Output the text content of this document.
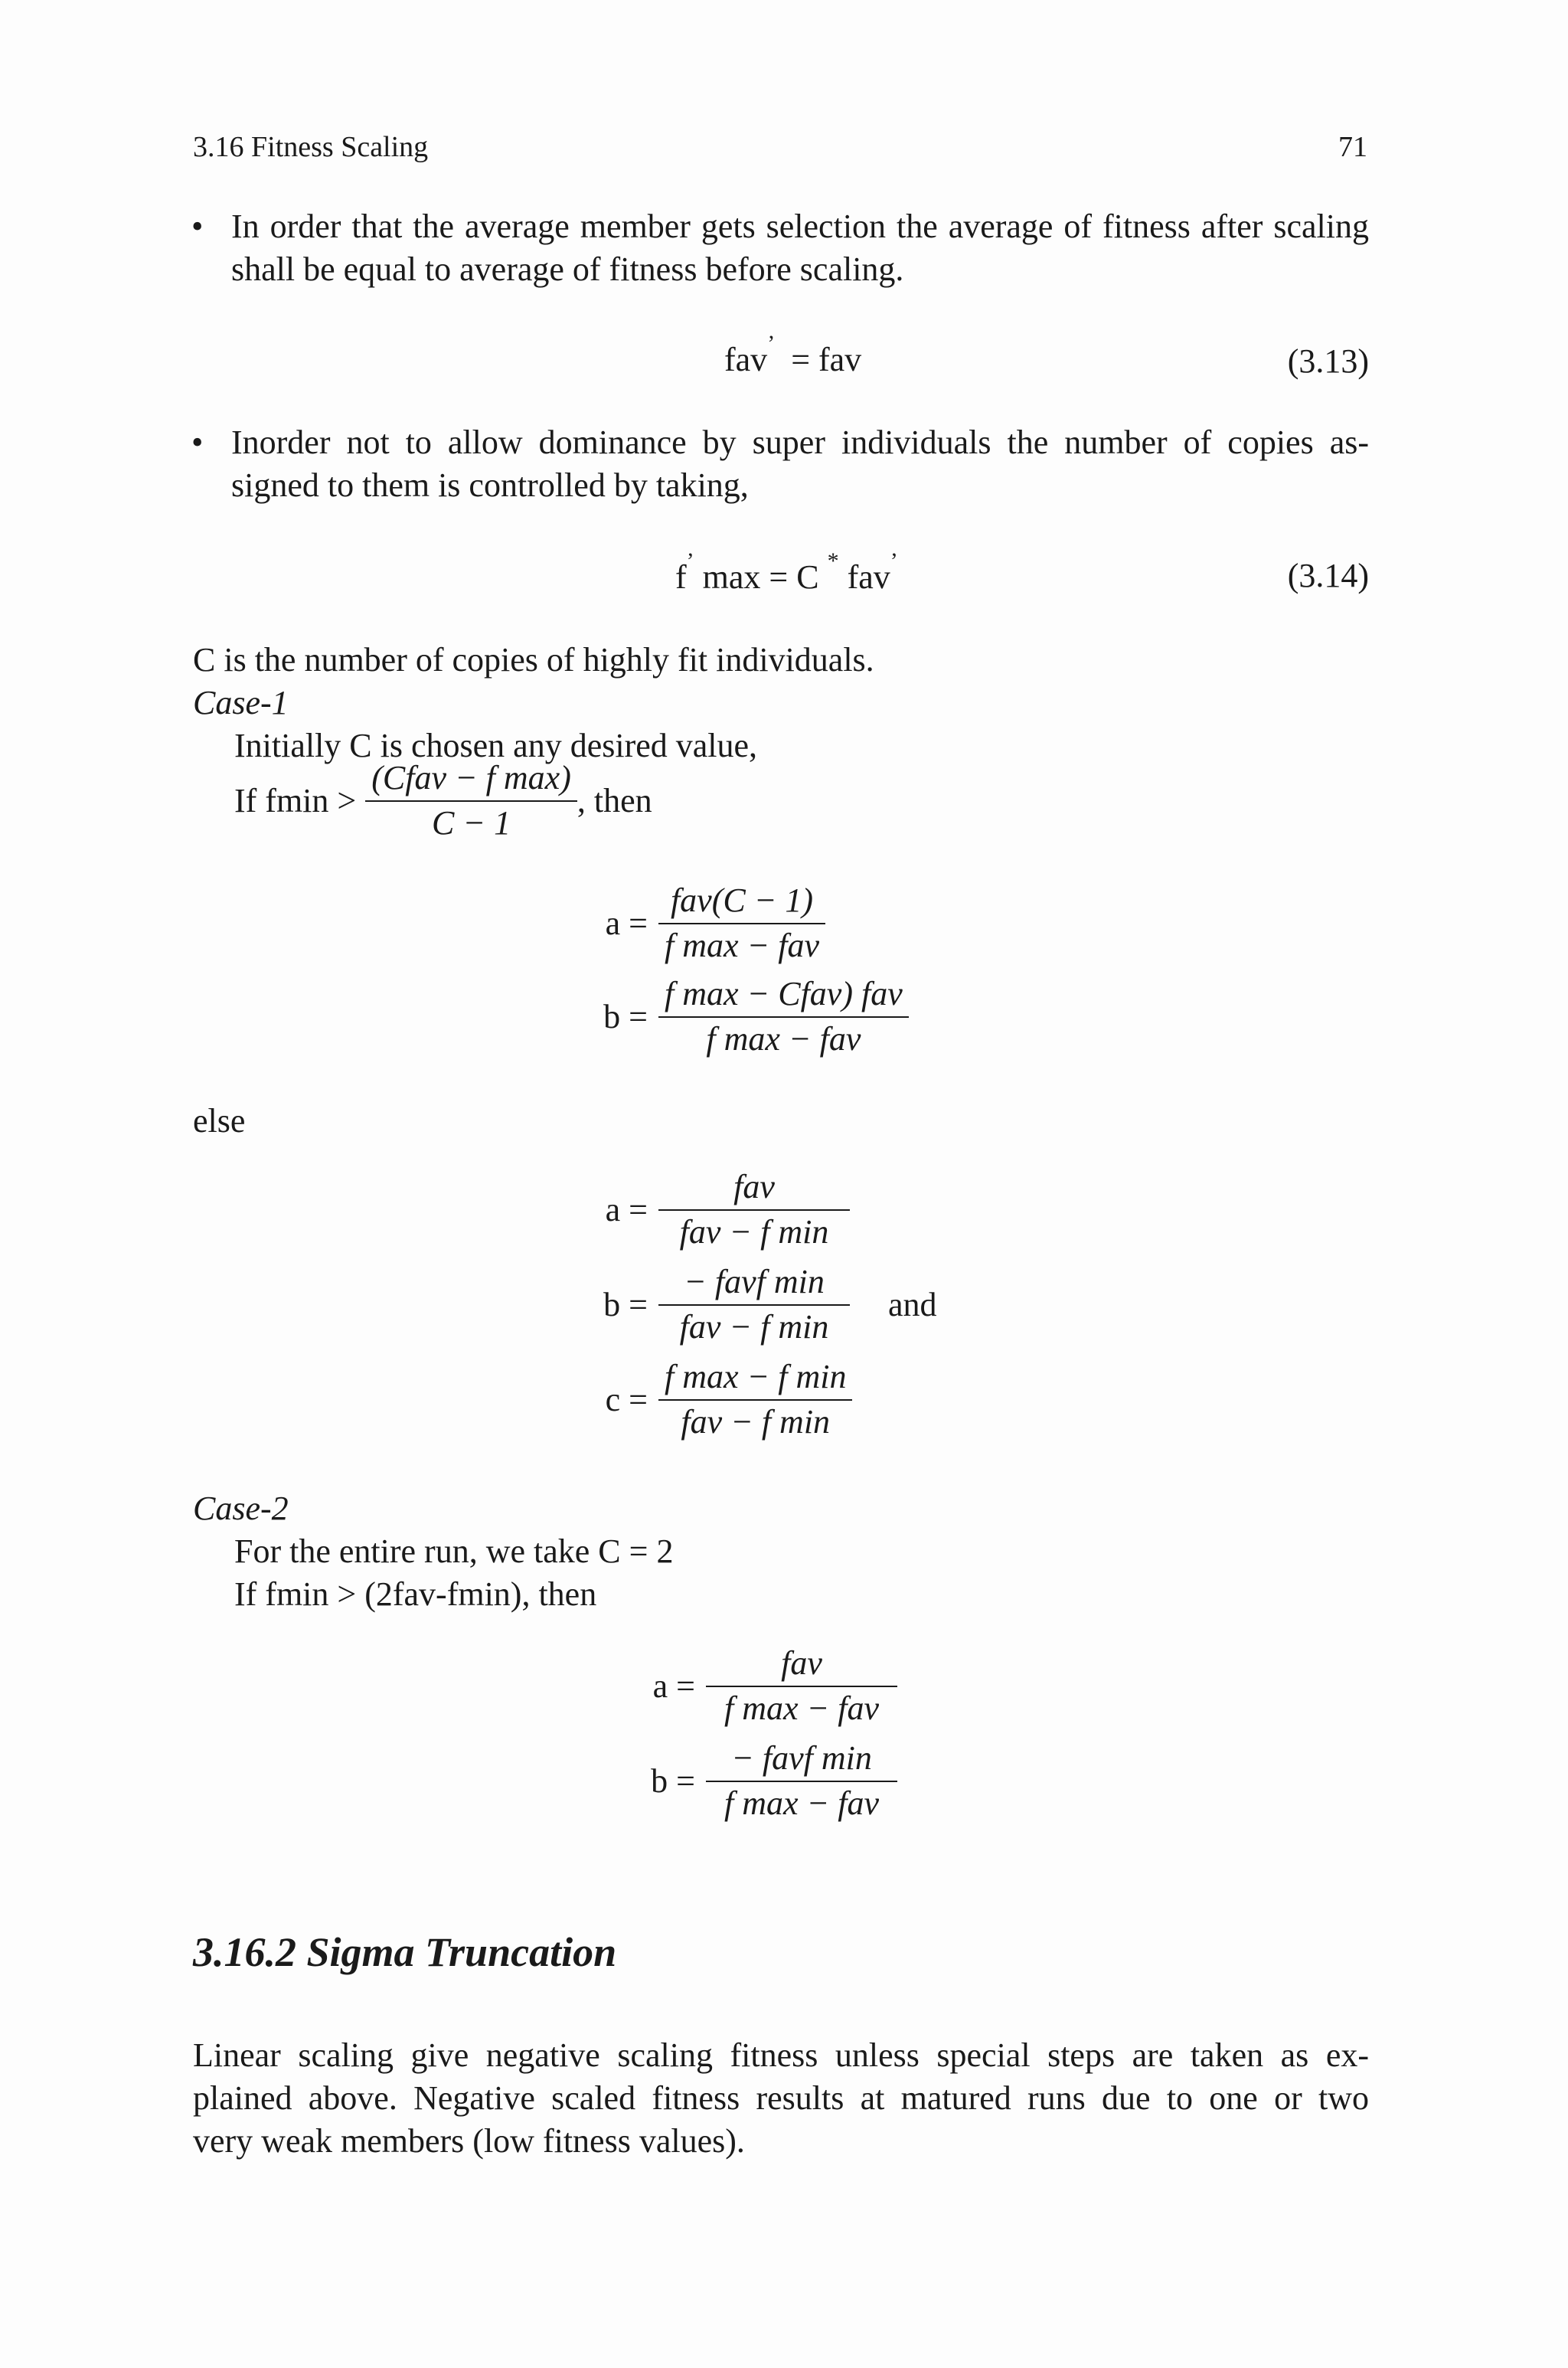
3.16 Fitness Scaling	71
• In order that the average member gets selection the average of fitness after scaling
shall be equal to average of fitness before scaling.
fav’ = fav	(3.13)
• Inorder not to allow dominance by super individuals the number of copies as-
signed to them is controlled by taking,
f’ max = C * fav’	(3.14)
C is the number of copies of highly fit individuals.
Case-1
Initially C is chosen any desired value,
If $fmin > \frac{\text{(Cfav − f max)}}{C - 1}$ , then
$a = \frac{\text{fav(C − 1)}}{\text{f max − fav}}$
$b = \frac{\text{f max − Cfav) fav}}{\text{f max − fav}}$
else
$a = \frac{\text{fav}}{\text{fav − f min}}$
$b = \frac{\text{− favf min}}{\text{fav − f min}}$ and
$c = \frac{\text{f max − f min}}{\text{fav − f min}}$
Case-2
For the entire run, we take C = 2
If fmin > (2fav-fmin), then
$a = \frac{\text{fav}}{\text{f max − fav}}$
$b = \frac{\text{− favf min}}{\text{f max − fav}}$
3.16.2 Sigma Truncation
Linear scaling give negative scaling fitness unless special steps are taken as ex-
plained above. Negative scaled fitness results at matured runs due to one or two
very weak members (low fitness values).
